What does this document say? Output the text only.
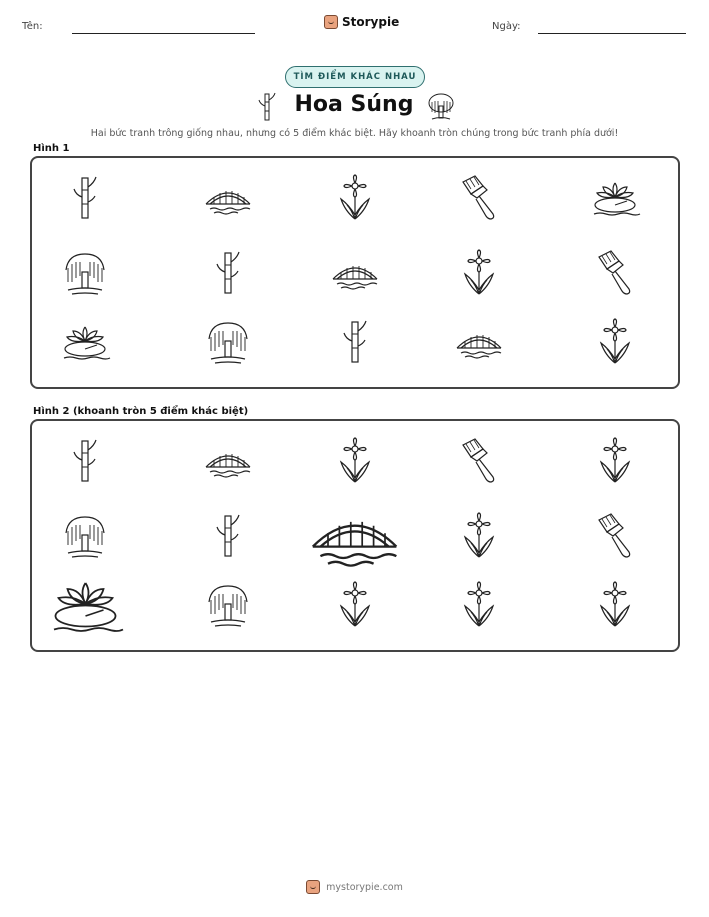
Tên:	Storypie	Ngày:
TÌM ĐIỂM KHÁC NHAU
Hoa Súng
Hai bức tranh trông giống nhau, nhưng có 5 điểm khác biệt. Hãy khoanh tròn chúng trong bức tranh phía dưới!
Hình 1
Hình 2 (khoanh tròn 5 điểm khác biệt)
mystorypie.com
